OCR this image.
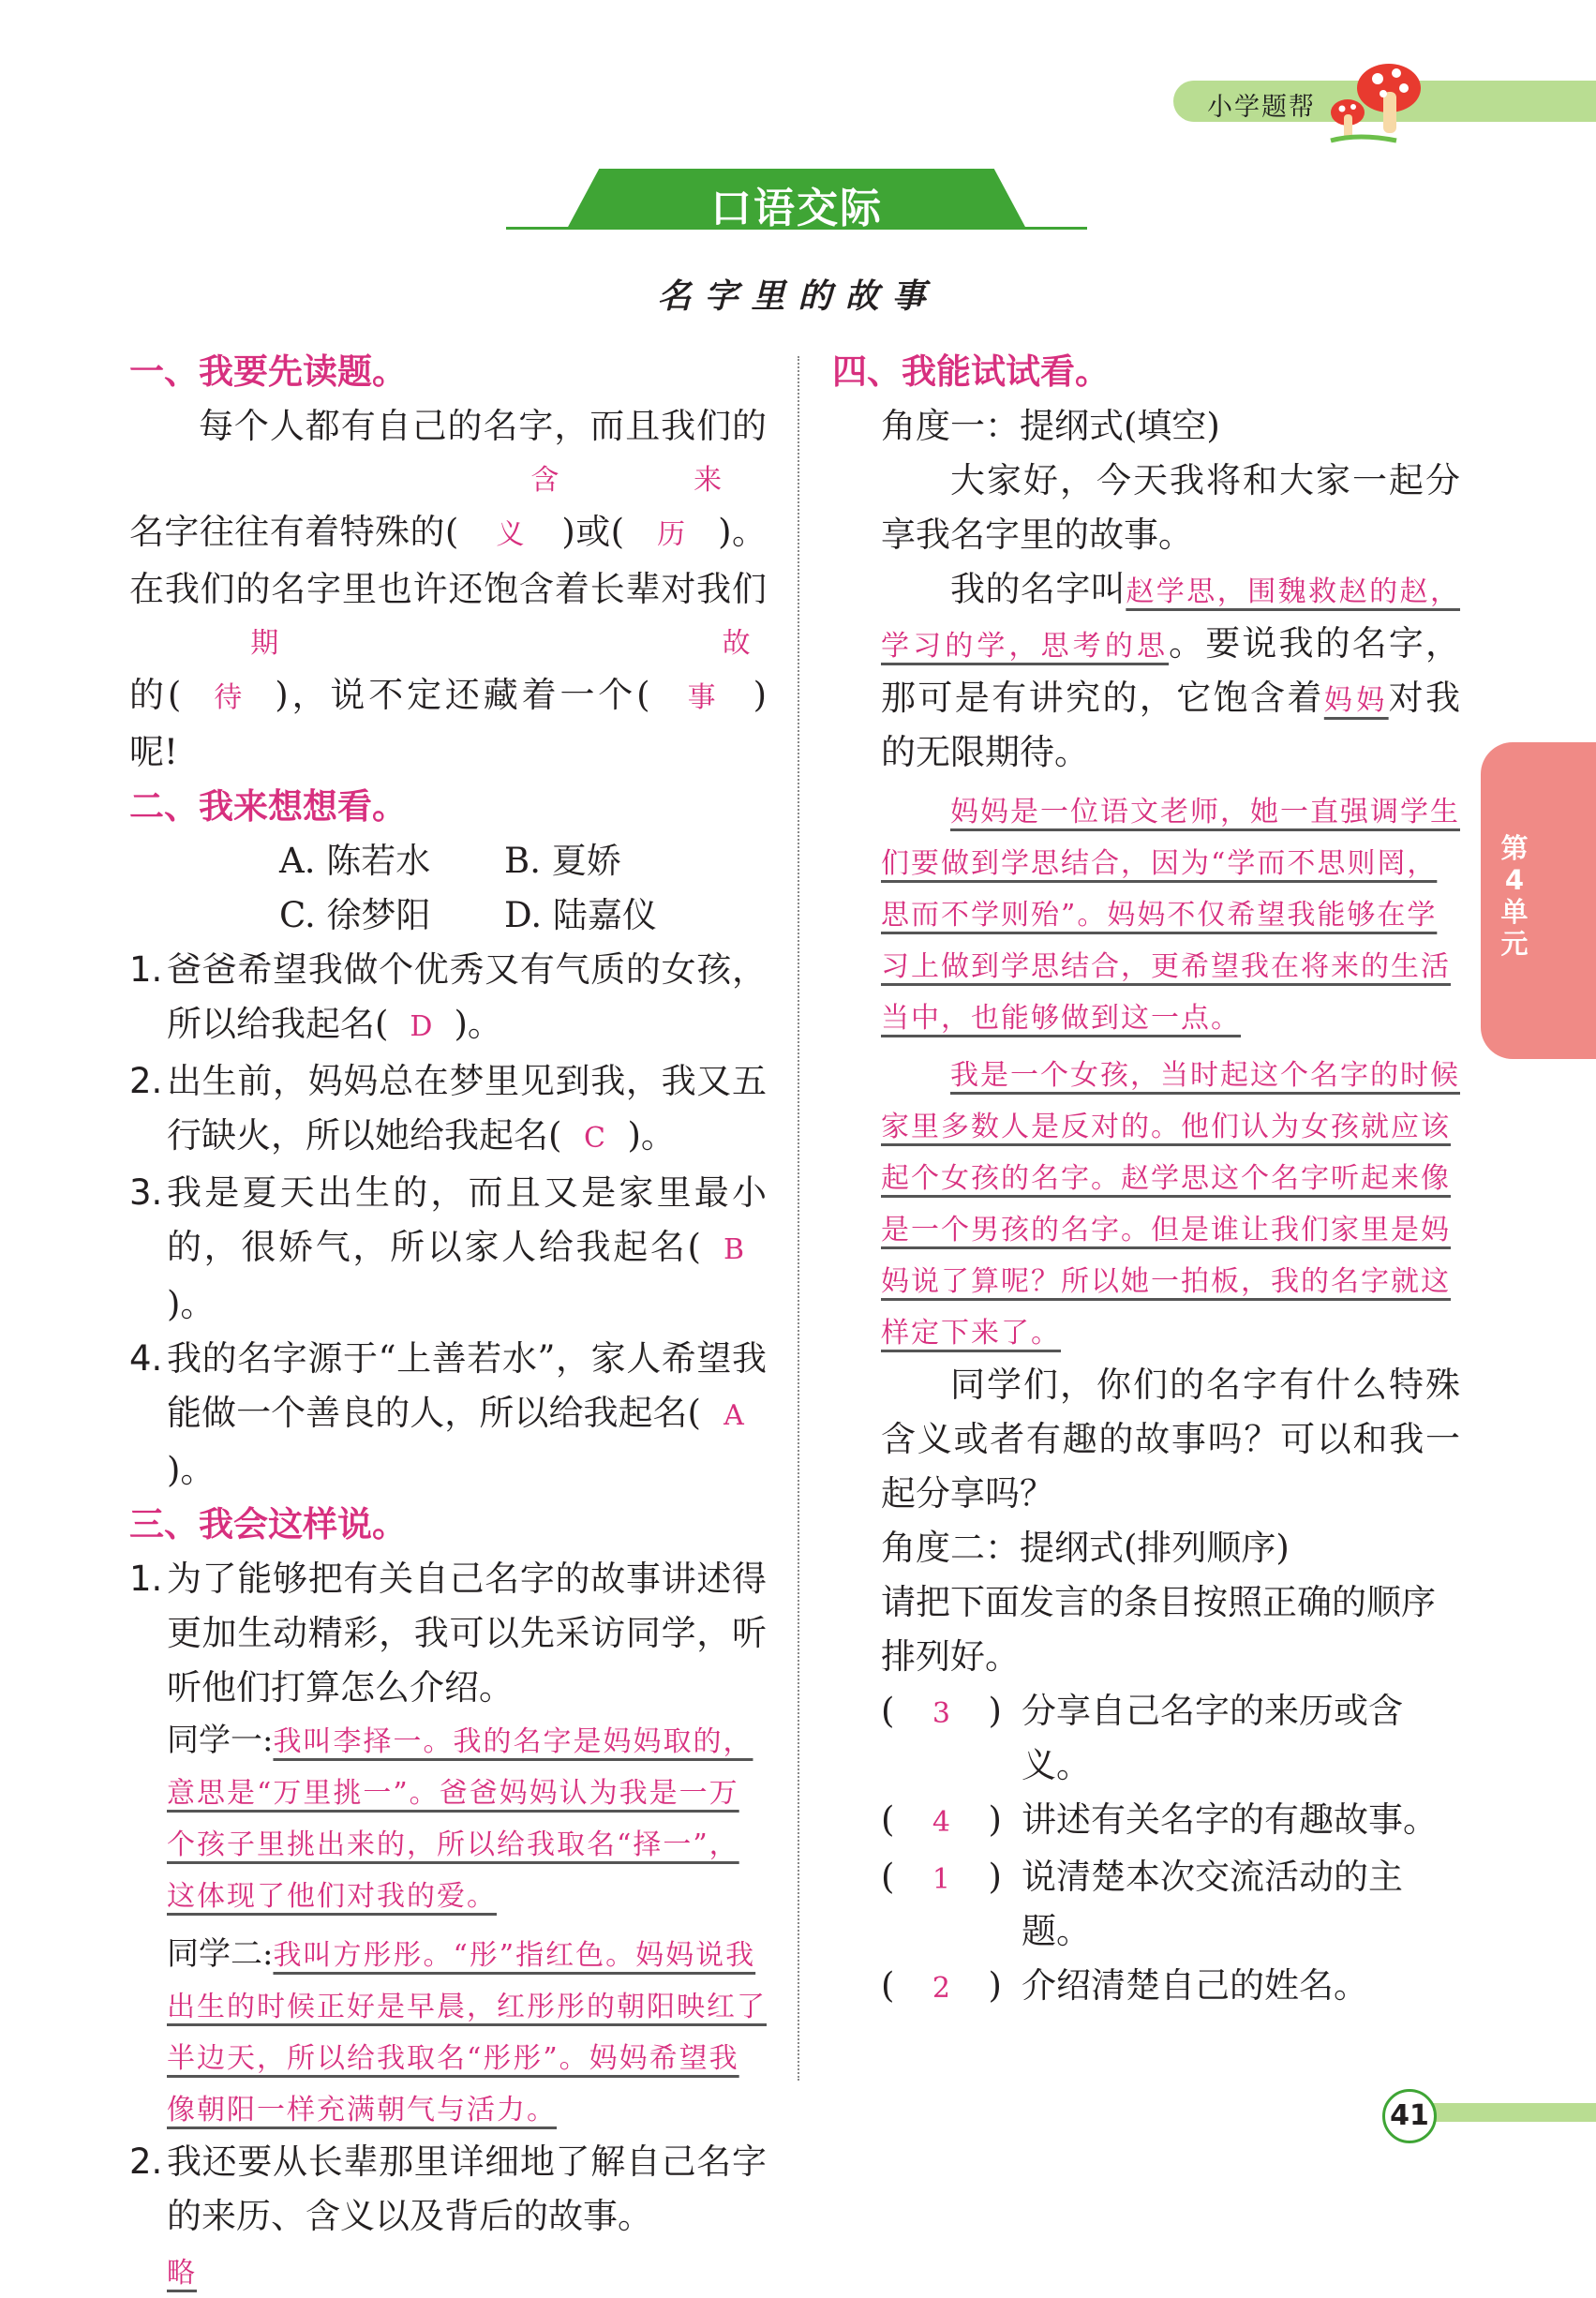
小学题帮
口语交际
名字里的故事
一、我要先读题。
每个人都有自己的名字，而且我们的名字往往有着特殊的(含义 )或(来历 )。在我们的名字里也许还饱含着长辈对我们的(期待 )，说不定还藏着一个(故事 )呢!
二、我来想想看。
A. 陈若水 B. 夏娇
C. 徐梦阳 D. 陆嘉仪
1. 爸爸希望我做个优秀又有气质的女孩，所以给我起名( D )。
2. 出生前，妈妈总在梦里见到我，我又五行缺火，所以她给我起名( C )。
3. 我是夏天出生的，而且又是家里最小的，很娇气，所以家人给我起名( B)。
4. 我的名字源于“上善若水”，家人希望我能做一个善良的人，所以给我起名( A)。
三、我会这样说。
1. 为了能够把有关自己名字的故事讲述得更加生动精彩，我可以先采访同学，听听他们打算怎么介绍。
同学一:我叫李择一。我的名字是妈妈取的，意思是“万里挑一”。爸爸妈妈认为我是一万个孩子里挑出来的，所以给我取名“择一”，这体现了他们对我的爱。
同学二:我叫方彤彤。“彤”指红色。妈妈说我出生的时候正好是早晨，红彤彤的朝阳映红了半边天，所以给我取名“彤彤”。妈妈希望我像朝阳一样充满朝气与活力。
2. 我还要从长辈那里详细地了解自己名字的来历、含义以及背后的故事。
略
四、我能试试看。
角度一：提纲式(填空)
大家好，今天我将和大家一起分享我名字里的故事。
我的名字叫赵学思，围魏救赵的赵，学习的学，思考的思。要说我的名字，那可是有讲究的，它饱含着妈妈对我的无限期待。
妈妈是一位语文老师，她一直强调学生们要做到学思结合，因为“学而不思则罔，思而不学则殆”。妈妈不仅希望我能够在学习上做到学思结合，更希望我在将来的生活当中，也能够做到这一点。
我是一个女孩，当时起这个名字的时候家里多数人是反对的。他们认为女孩就应该起个女孩的名字。赵学思这个名字听起来像是一个男孩的名字。但是谁让我们家里是妈妈说了算呢？所以她一拍板，我的名字就这样定下来了。
同学们，你们的名字有什么特殊含义或者有趣的故事吗？可以和我一起分享吗？
角度二：提纲式(排列顺序)
请把下面发言的条目按照正确的顺序排列好。
( 3 ) 分享自己名字的来历或含义。
( 4 ) 讲述有关名字的有趣故事。
( 1 ) 说清楚本次交流活动的主题。
( 2 ) 介绍清楚自己的姓名。
第4单元
41
